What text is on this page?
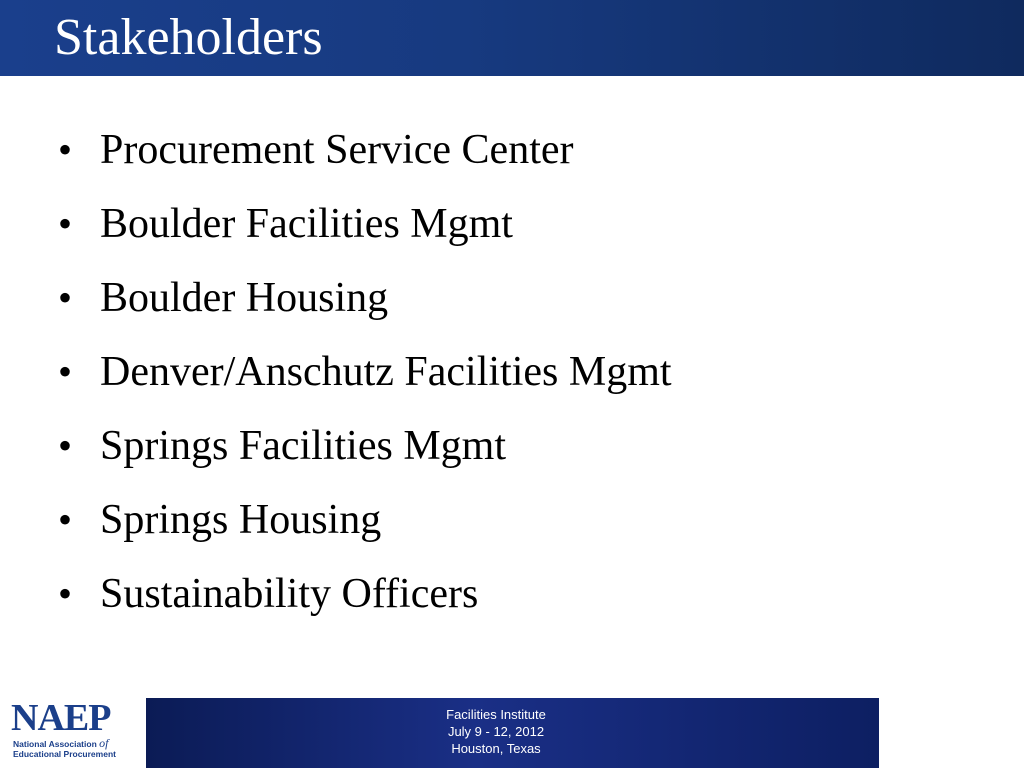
Stakeholders
• Procurement Service Center
• Boulder Facilities Mgmt
• Boulder Housing
• Denver/Anschutz Facilities Mgmt
• Springs Facilities Mgmt
• Springs Housing
• Sustainability Officers
NAEP
National Association of
Educational Procurement
Facilities Institute
July 9 - 12, 2012
Houston, Texas
